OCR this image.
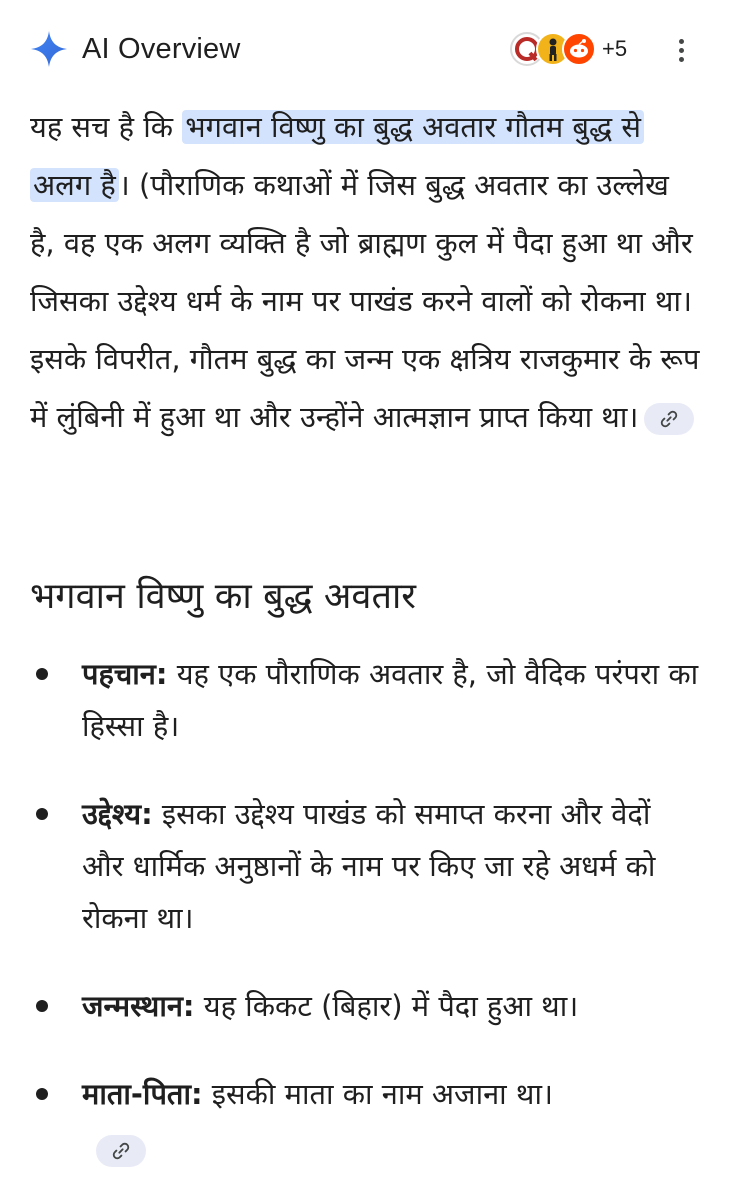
AI Overview	+5

यह सच है कि भगवान विष्णु का बुद्ध अवतार गौतम बुद्ध से अलग है । (पौराणिक कथाओं में जिस बुद्ध अवतार का उल्लेख है, वह एक अलग व्यक्ति है जो ब्राह्मण कुल में पैदा हुआ था और जिसका उद्देश्य धर्म के नाम पर पाखंड करने वालों को रोकना था। इसके विपरीत, गौतम बुद्ध का जन्म एक क्षत्रिय राजकुमार के रूप में लुंबिनी में हुआ था और उन्होंने आत्मज्ञान प्राप्त किया था।

भगवान विष्णु का बुद्ध अवतार
पहचान: यह एक पौराणिक अवतार है, जो वैदिक परंपरा का हिस्सा है।
उद्देश्य: इसका उद्देश्य पाखंड को समाप्त करना और वेदों और धार्मिक अनुष्ठानों के नाम पर किए जा रहे अधर्म को रोकना था।
जन्मस्थान: यह किकट (बिहार) में पैदा हुआ था।
माता-पिता: इसकी माता का नाम अजाना था।
